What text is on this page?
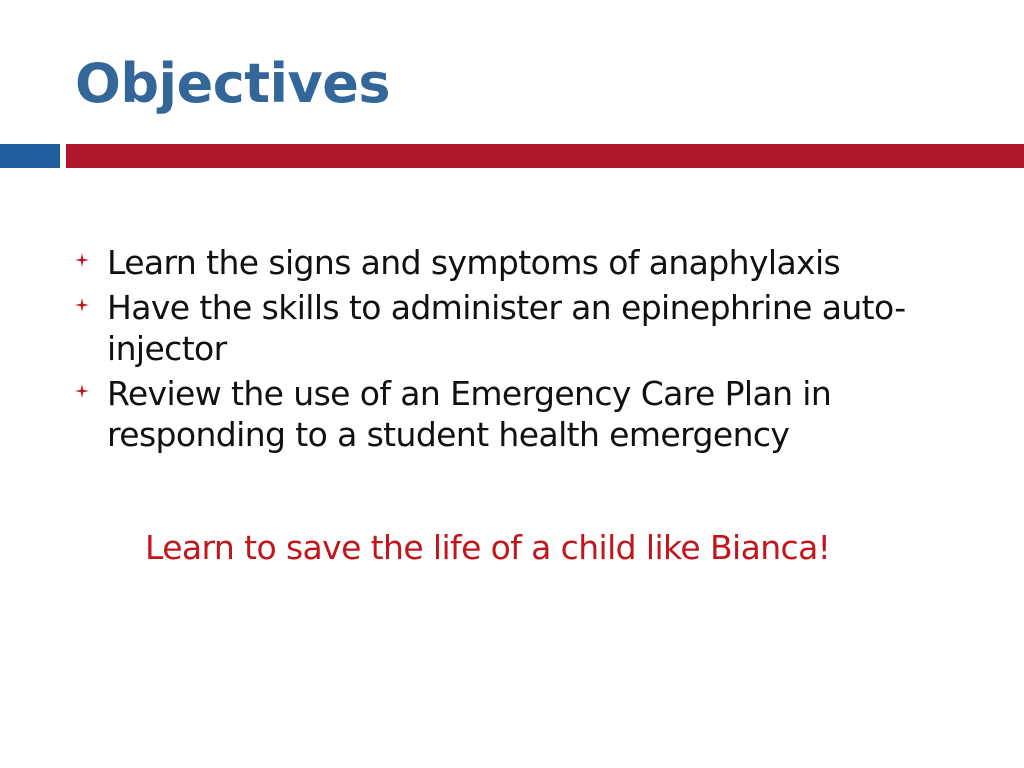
Objectives
Learn the signs and symptoms of anaphylaxis
Have the skills to administer an epinephrine auto-injector
Review the use of an Emergency Care Plan in responding to a student health emergency

Learn to save the life of a child like Bianca!
